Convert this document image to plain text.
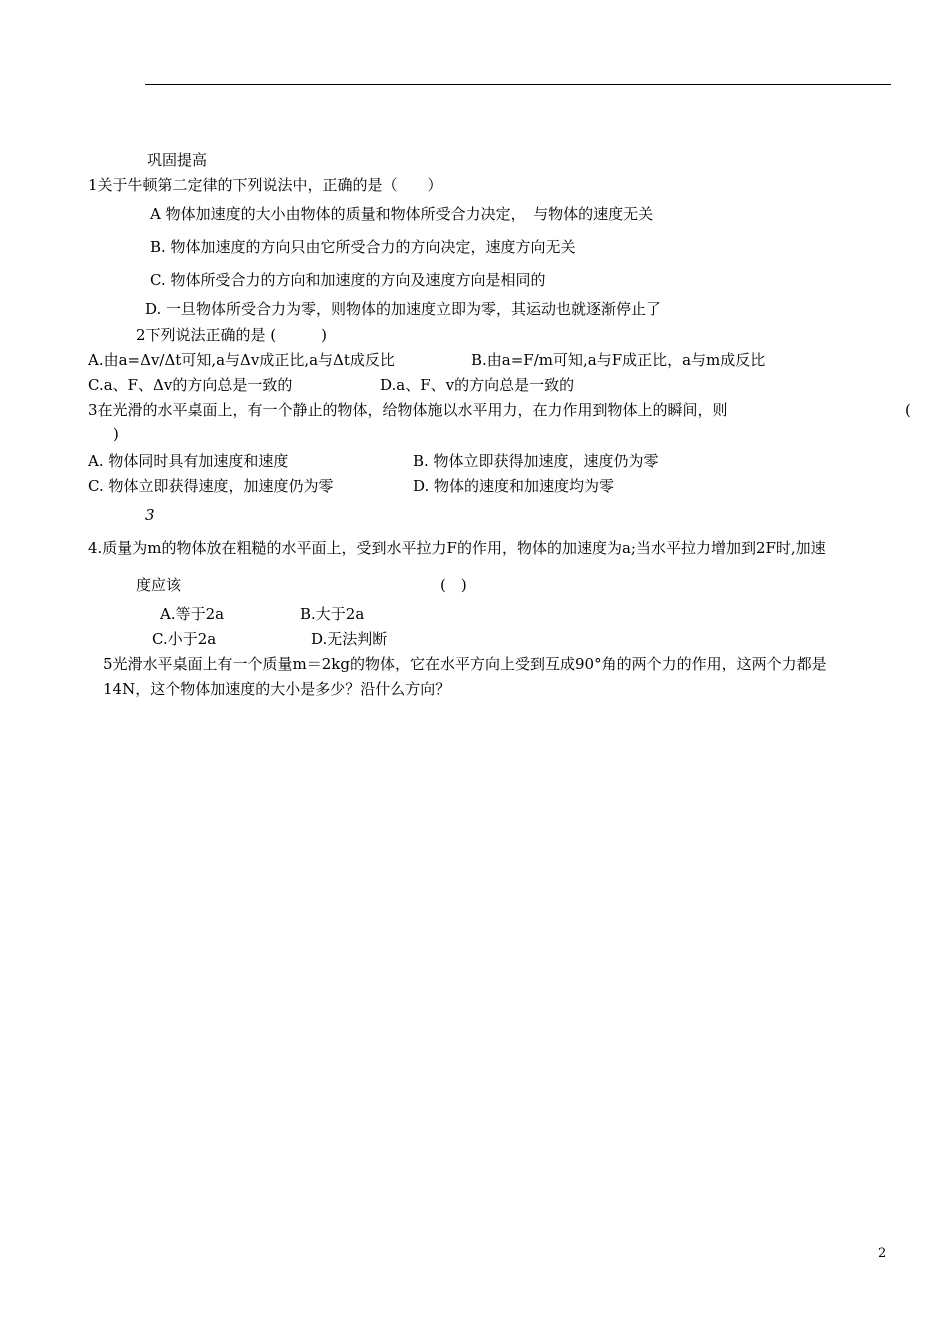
巩固提高
1关于牛顿第二定律的下列说法中，正确的是（　　）
A 物体加速度的大小由物体的质量和物体所受合力决定，　与物体的速度无关
B. 物体加速度的方向只由它所受合力的方向决定，速度方向无关
C. 物体所受合力的方向和加速度的方向及速度方向是相同的
D. 一旦物体所受合力为零，则物体的加速度立即为零，其运动也就逐渐停止了
2下列说法正确的是 (　　　)
A.由a=Δv/Δt可知,a与Δv成正比,a与Δt成反比	B.由a=F/m可知,a与F成正比，a与m成反比
C.a、F、Δv的方向总是一致的	D.a、F、v的方向总是一致的
3在光滑的水平桌面上，有一个静止的物体，给物体施以水平用力，在力作用到物体上的瞬间，则	(
)
A. 物体同时具有加速度和速度	B. 物体立即获得加速度，速度仍为零
C. 物体立即获得速度，加速度仍为零	D. 物体的速度和加速度均为零
3
4.质量为m的物体放在粗糙的水平面上，受到水平拉力F的作用，物体的加速度为a;当水平拉力增加到2F时,加速
度应该	(　)
A.等于2a	B.大于2a
C.小于2a	D.无法判断
5光滑水平桌面上有一个质量m＝2kg的物体，它在水平方向上受到互成90°角的两个力的作用，这两个力都是
14N，这个物体加速度的大小是多少？沿什么方向？
2
